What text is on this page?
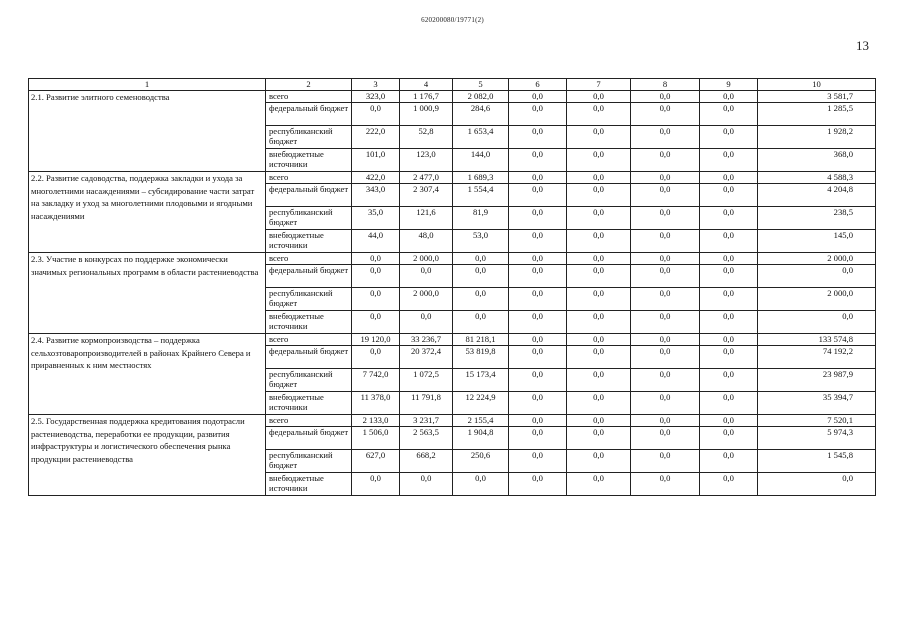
620200080/19771(2)
13
1	2	3	4	5	6	7	8	9	10
2.1. Развитие элитного семеноводства	всего	323,0	1 176,7	2 082,0	0,0	0,0	0,0	0,0	3 581,7
	федеральный бюджет	0,0	1 000,9	284,6	0,0	0,0	0,0	0,0	1 285,5
	республиканский бюджет	222,0	52,8	1 653,4	0,0	0,0	0,0	0,0	1 928,2
	внебюджетные источники	101,0	123,0	144,0	0,0	0,0	0,0	0,0	368,0
2.2. Развитие садоводства, поддержка закладки и ухода за многолетними насаждениями – субсидирование части затрат на закладку и уход за многолетними плодовыми и ягодными насаждениями	всего	422,0	2 477,0	1 689,3	0,0	0,0	0,0	0,0	4 588,3
	федеральный бюджет	343,0	2 307,4	1 554,4	0,0	0,0	0,0	0,0	4 204,8
	республиканский бюджет	35,0	121,6	81,9	0,0	0,0	0,0	0,0	238,5
	внебюджетные источники	44,0	48,0	53,0	0,0	0,0	0,0	0,0	145,0
2.3. Участие в конкурсах по поддержке экономически значимых региональных программ в области растениеводства	всего	0,0	2 000,0	0,0	0,0	0,0	0,0	0,0	2 000,0
	федеральный бюджет	0,0	0,0	0,0	0,0	0,0	0,0	0,0	0,0
	республиканский бюджет	0,0	2 000,0	0,0	0,0	0,0	0,0	0,0	2 000,0
	внебюджетные источники	0,0	0,0	0,0	0,0	0,0	0,0	0,0	0,0
2.4. Развитие кормопроизводства – поддержка сельхозтоваропроизводителей в районах Крайнего Севера и приравненных к ним местностях	всего	19 120,0	33 236,7	81 218,1	0,0	0,0	0,0	0,0	133 574,8
	федеральный бюджет	0,0	20 372,4	53 819,8	0,0	0,0	0,0	0,0	74 192,2
	республиканский бюджет	7 742,0	1 072,5	15 173,4	0,0	0,0	0,0	0,0	23 987,9
	внебюджетные источники	11 378,0	11 791,8	12 224,9	0,0	0,0	0,0	0,0	35 394,7
2.5. Государственная поддержка кредитования подотрасли растениеводства, переработки ее продукции, развития инфраструктуры и логистического обеспечения рынка продукции растениеводства	всего	2 133,0	3 231,7	2 155,4	0,0	0,0	0,0	0,0	7 520,1
	федеральный бюджет	1 506,0	2 563,5	1 904,8	0,0	0,0	0,0	0,0	5 974,3
	республиканский бюджет	627,0	668,2	250,6	0,0	0,0	0,0	0,0	1 545,8
	внебюджетные источники	0,0	0,0	0,0	0,0	0,0	0,0	0,0	0,0
